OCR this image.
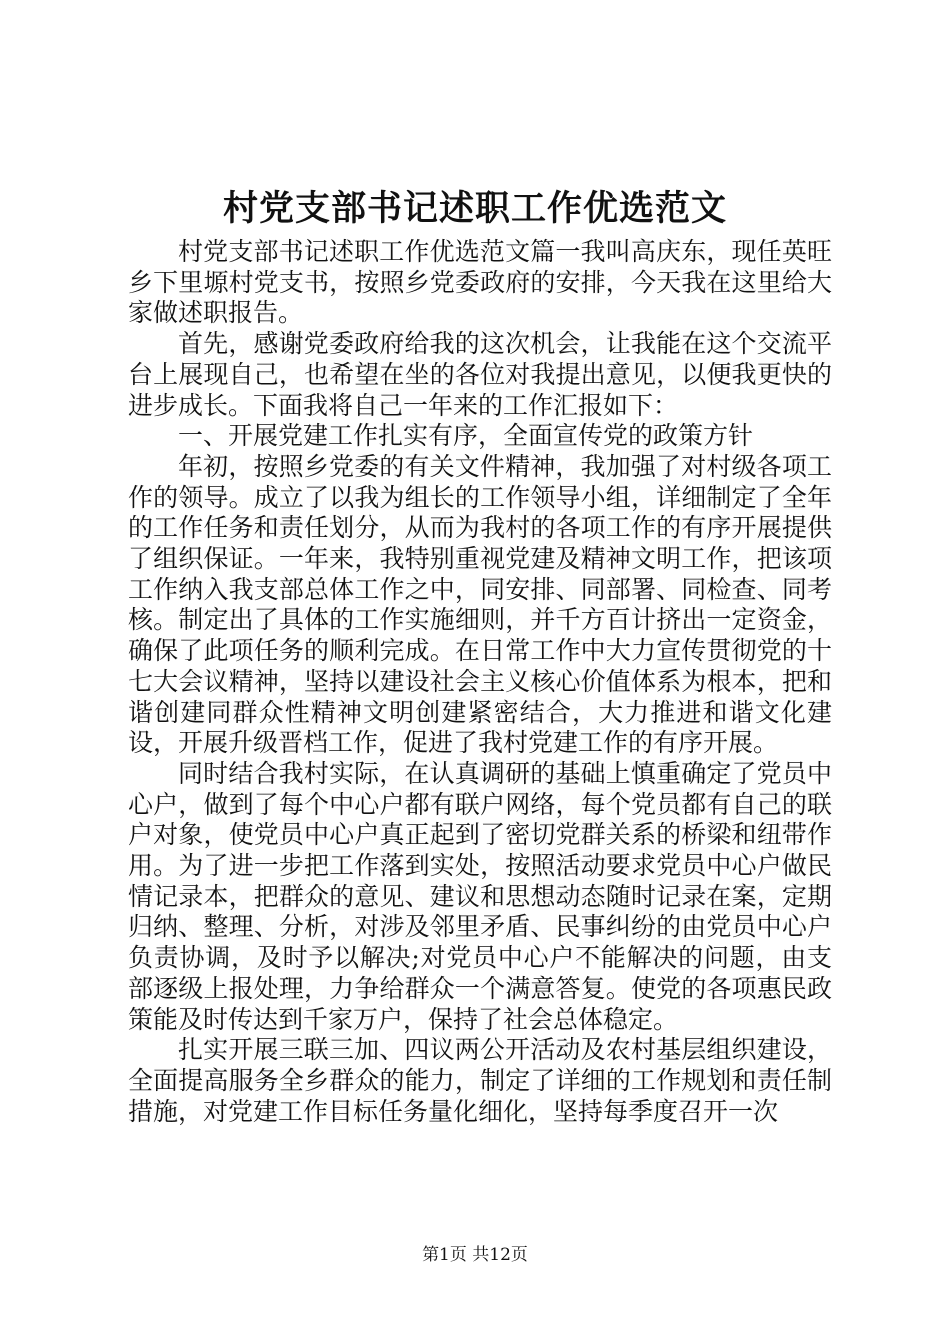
村党支部书记述职工作优选范文

村党支部书记述职工作优选范文篇一我叫高庆东，现任英旺乡下里塬村党支书，按照乡党委政府的安排，今天我在这里给大家做述职报告。

首先，感谢党委政府给我的这次机会，让我能在这个交流平台上展现自己，也希望在坐的各位对我提出意见，以便我更快的进步成长。下面我将自己一年来的工作汇报如下：

一、开展党建工作扎实有序，全面宣传党的政策方针

年初，按照乡党委的有关文件精神，我加强了对村级各项工作的领导。成立了以我为组长的工作领导小组，详细制定了全年的工作任务和责任划分，从而为我村的各项工作的有序开展提供了组织保证。一年来，我特别重视党建及精神文明工作，把该项工作纳入我支部总体工作之中，同安排、同部署、同检查、同考核。制定出了具体的工作实施细则，并千方百计挤出一定资金，确保了此项任务的顺利完成。在日常工作中大力宣传贯彻党的十七大会议精神，坚持以建设社会主义核心价值体系为根本，把和谐创建同群众性精神文明创建紧密结合，大力推进和谐文化建设，开展升级晋档工作，促进了我村党建工作的有序开展。

同时结合我村实际，在认真调研的基础上慎重确定了党员中心户，做到了每个中心户都有联户网络，每个党员都有自己的联户对象，使党员中心户真正起到了密切党群关系的桥梁和纽带作用。为了进一步把工作落到实处，按照活动要求党员中心户做民情记录本，把群众的意见、建议和思想动态随时记录在案，定期归纳、整理、分析，对涉及邻里矛盾、民事纠纷的由党员中心户负责协调，及时予以解决;对党员中心户不能解决的问题，由支部逐级上报处理，力争给群众一个满意答复。使党的各项惠民政策能及时传达到千家万户，保持了社会总体稳定。

扎实开展三联三加、四议两公开活动及农村基层组织建设，全面提高服务全乡群众的能力，制定了详细的工作规划和责任制措施，对党建工作目标任务量化细化，坚持每季度召开一次

第1页 共12页
